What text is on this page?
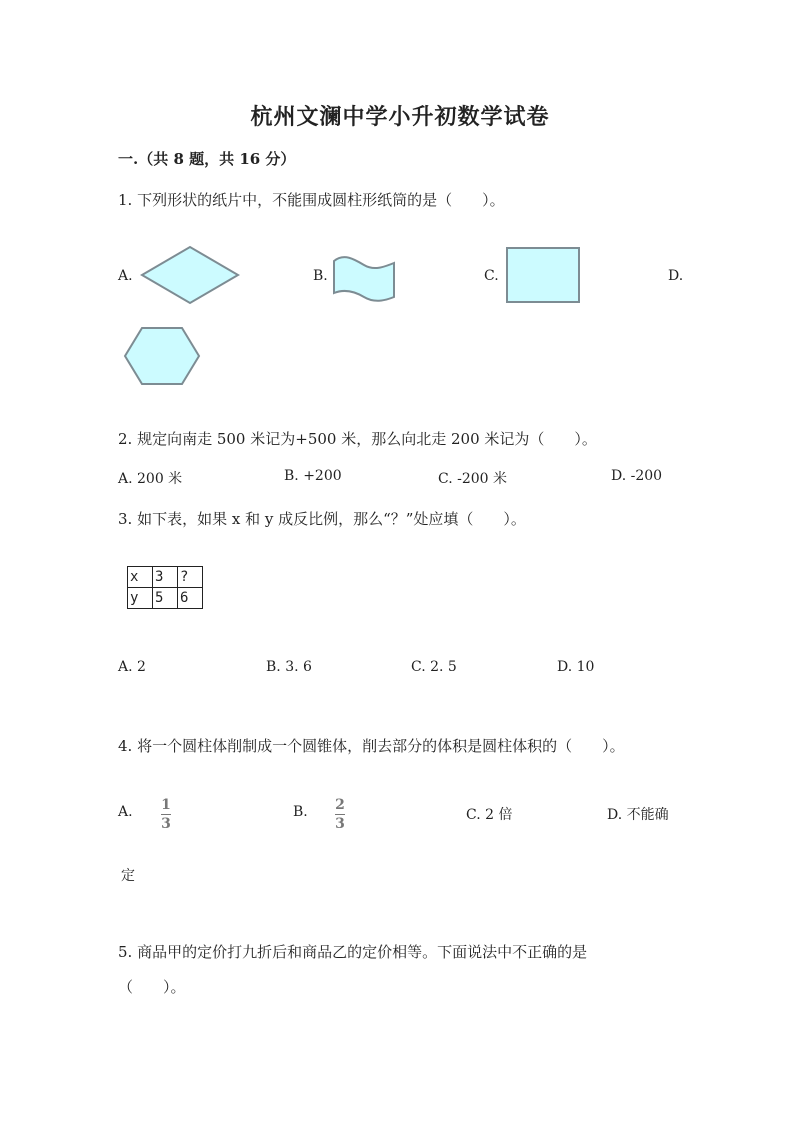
杭州文澜中学小升初数学试卷
一.（共 8 题，共 16 分）
1. 下列形状的纸片中，不能围成圆柱形纸筒的是（　　）。
A.	B.	C.	D.
2. 规定向南走 500 米记为+500 米，那么向北走 200 米记为（　　）。
A. 200 米	B. +200	C. -200 米	D. -200
3. 如下表，如果 x 和 y 成反比例，那么“？”处应填（　　）。
x	3	?
y	5	6
A. 2	B. 3. 6	C. 2. 5	D. 10
4. 将一个圆柱体削制成一个圆锥体，削去部分的体积是圆柱体积的（　　）。
A. 1
3
B. 2
3
C. 2 倍	D. 不能确
定
5. 商品甲的定价打九折后和商品乙的定价相等。下面说法中不正确的是
（　　）。
